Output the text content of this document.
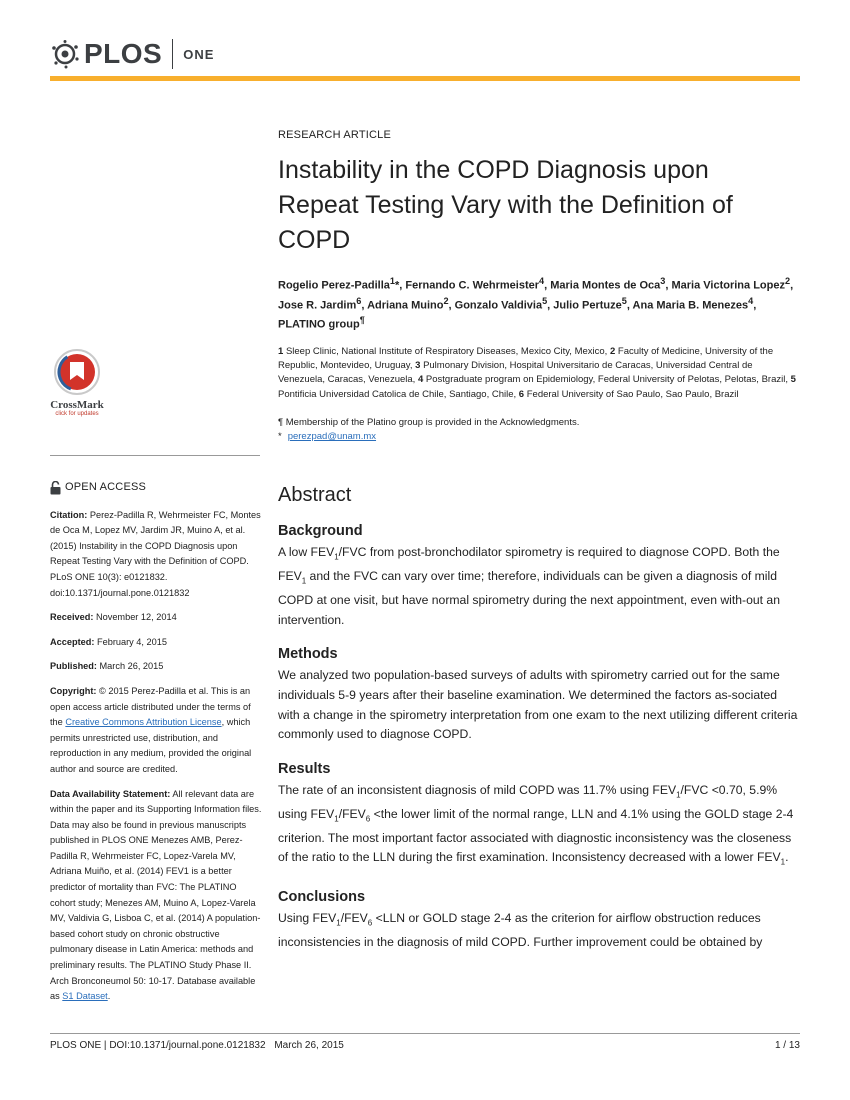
PLOS ONE
CrossMark
click for updates
OPEN ACCESS

Citation: Perez-Padilla R, Wehrmeister FC, Montes de Oca M, Lopez MV, Jardim JR, Muino A, et al. (2015) Instability in the COPD Diagnosis upon Repeat Testing Vary with the Definition of COPD. PLoS ONE 10(3): e0121832. doi:10.1371/journal.pone.0121832

Received: November 12, 2014

Accepted: February 4, 2015

Published: March 26, 2015

Copyright: © 2015 Perez-Padilla et al. This is an open access article distributed under the terms of the Creative Commons Attribution License, which permits unrestricted use, distribution, and reproduction in any medium, provided the original author and source are credited.

Data Availability Statement: All relevant data are within the paper and its Supporting Information files. Data may also be found in previous manuscripts published in PLOS ONE Menezes AMB, Perez-Padilla R, Wehrmeister FC, Lopez-Varela MV, Adriana Muiño, et al. (2014) FEV1 is a better predictor of mortality than FVC: The PLATINO cohort study; Menezes AM, Muino A, Lopez-Varela MV, Valdivia G, Lisboa C, et al. (2014) A population-based cohort study on chronic obstructive pulmonary disease in Latin America: methods and preliminary results. The PLATINO Study Phase II. Arch Bronconeumol 50: 10-17. Database available as S1 Dataset.

RESEARCH ARTICLE
Instability in the COPD Diagnosis upon Repeat Testing Vary with the Definition of COPD
Rogelio Perez-Padilla$^1$*, Fernando C. Wehrmeister$^4$, Maria Montes de Oca$^3$, Maria Victorina Lopez$^2$, Jose R. Jardim$^6$, Adriana Muino$^2$, Gonzalo Valdivia$^5$, Julio Pertuze$^5$, Ana Maria B. Menezes$^4$, PLATINO group¶
1 Sleep Clinic, National Institute of Respiratory Diseases, Mexico City, Mexico, 2 Faculty of Medicine, University of the Republic, Montevideo, Uruguay, 3 Pulmonary Division, Hospital Universitario de Caracas, Universidad Central de Venezuela, Caracas, Venezuela, 4 Postgraduate program on Epidemiology, Federal University of Pelotas, Pelotas, Brazil, 5 Pontificia Universidad Catolica de Chile, Santiago, Chile, 6 Federal University of Sao Paulo, Sao Paulo, Brazil
¶ Membership of the Platino group is provided in the Acknowledgments.
* perezpad@unam.mx
Abstract
Background
A low $FEV_1$/FVC from post-bronchodilator spirometry is required to diagnose COPD. Both the $FEV_1$ and the FVC can vary over time; therefore, individuals can be given a diagnosis of mild COPD at one visit, but have normal spirometry during the next appointment, even with-out an intervention.
Methods
We analyzed two population-based surveys of adults with spirometry carried out for the same individuals 5-9 years after their baseline examination. We determined the factors as-sociated with a change in the spirometry interpretation from one exam to the next utilizing different criteria commonly used to diagnose COPD.
Results
The rate of an inconsistent diagnosis of mild COPD was 11.7% using $FEV_1$/FVC <0.70, 5.9% using $FEV_1/FEV_6 <the$ lower limit of the normal range, LLN and 4.1% using the GOLD stage 2-4 criterion. The most important factor associated with diagnostic inconsistency was the closeness of the ratio to the LLN during the first examination. Inconsistency decreased with a lower $FEV_1$.
Conclusions
Using $FEV_1/FEV_6 <LLN$ or GOLD stage 2-4 as the criterion for airflow obstruction reduces inconsistencies in the diagnosis of mild COPD. Further improvement could be obtained by
PLOS ONE | DOI:10.1371/journal.pone.0121832 March 26, 2015	1 / 13
